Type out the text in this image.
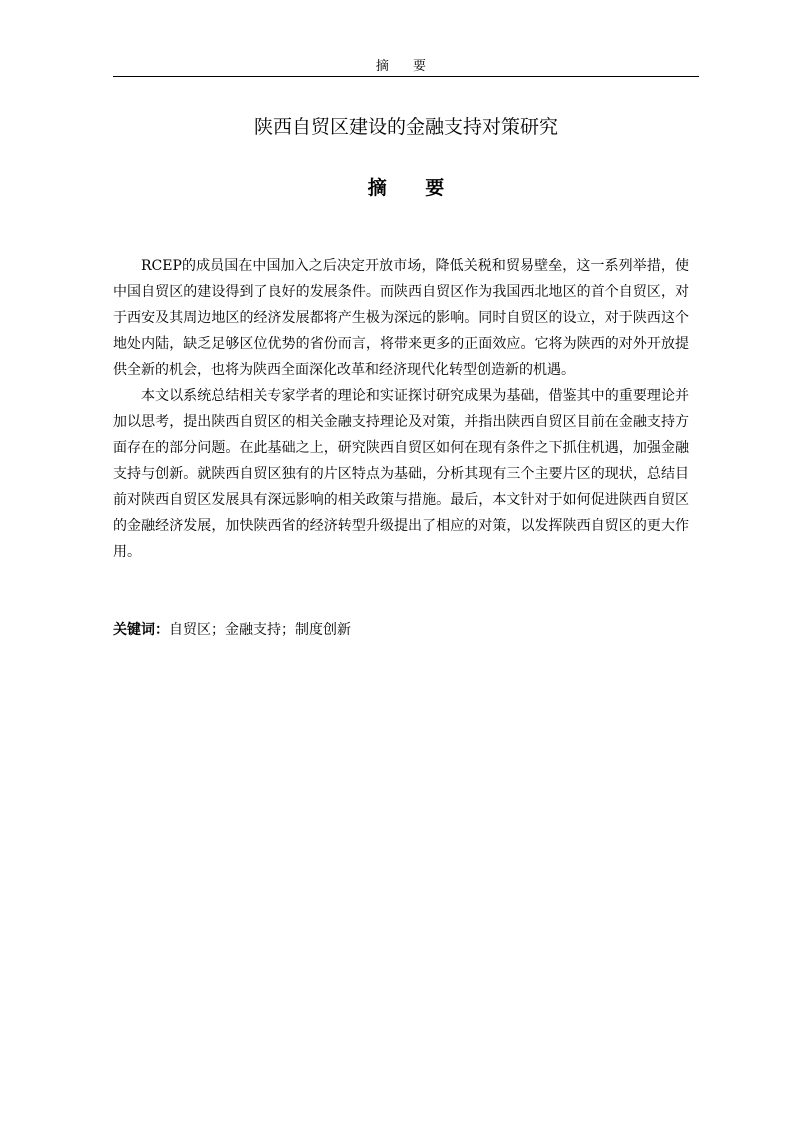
摘 要
陕西自贸区建设的金融支持对策研究
摘 要

RCEP的成员国在中国加入之后决定开放市场，降低关税和贸易壁垒，这一系列举措，使中国自贸区的建设得到了良好的发展条件。而陕西自贸区作为我国西北地区的首个自贸区，对于西安及其周边地区的经济发展都将产生极为深远的影响。同时自贸区的设立，对于陕西这个地处内陆，缺乏足够区位优势的省份而言，将带来更多的正面效应。它将为陕西的对外开放提供全新的机会，也将为陕西全面深化改革和经济现代化转型创造新的机遇。

本文以系统总结相关专家学者的理论和实证探讨研究成果为基础，借鉴其中的重要理论并加以思考，提出陕西自贸区的相关金融支持理论及对策，并指出陕西自贸区目前在金融支持方面存在的部分问题。在此基础之上，研究陕西自贸区如何在现有条件之下抓住机遇，加强金融支持与创新。就陕西自贸区独有的片区特点为基础，分析其现有三个主要片区的现状，总结目前对陕西自贸区发展具有深远影响的相关政策与措施。最后，本文针对于如何促进陕西自贸区的金融经济发展，加快陕西省的经济转型升级提出了相应的对策，以发挥陕西自贸区的更大作用。

关键词：自贸区；金融支持；制度创新
